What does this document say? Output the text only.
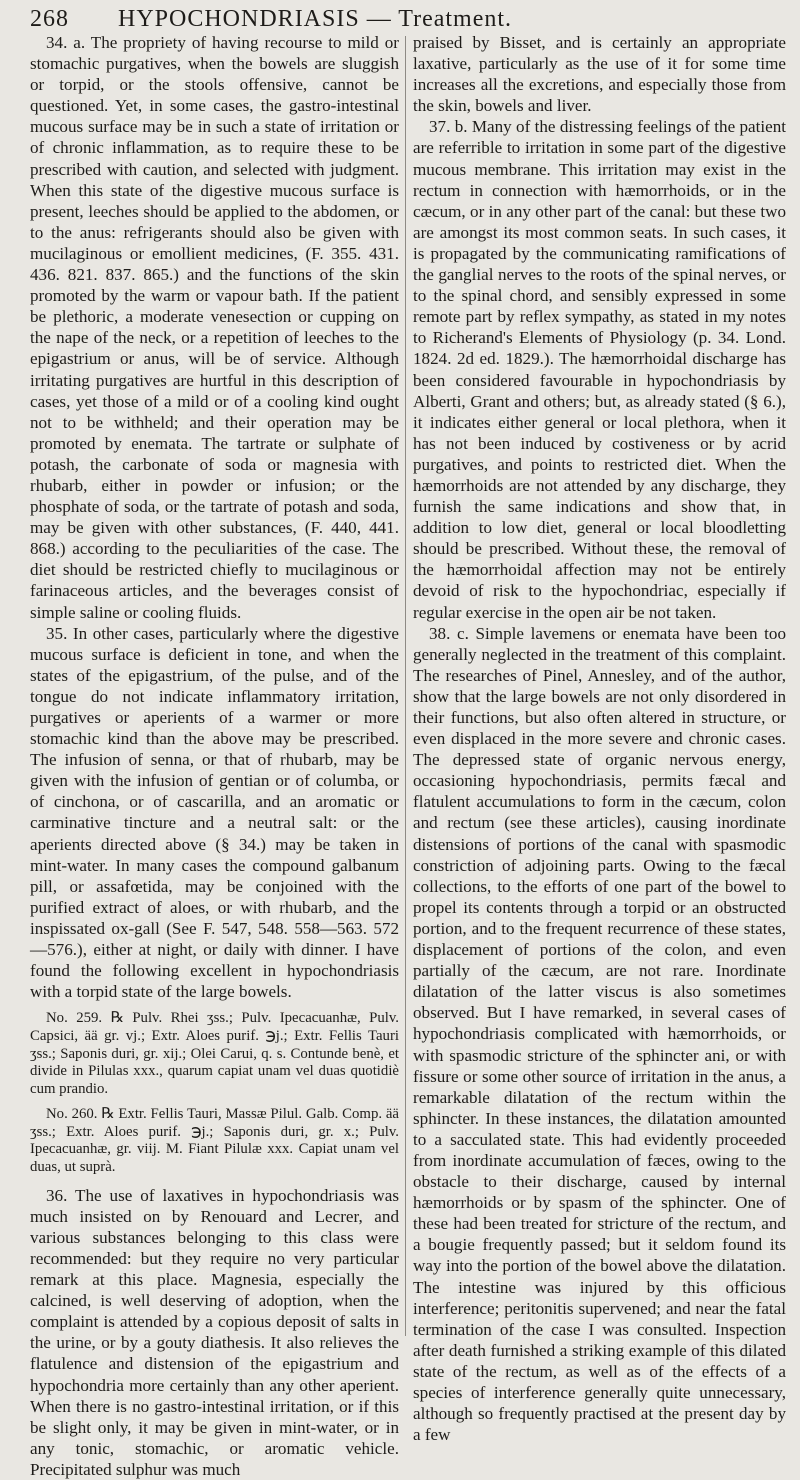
268 HYPOCHONDRIASIS — Treatment.

34. a. The propriety of having recourse to mild or stomachic purgatives, when the bowels are sluggish or torpid, or the stools offensive, cannot be questioned. Yet, in some cases, the gastro-intestinal mucous surface may be in such a state of irritation or of chronic inflammation, as to require these to be prescribed with caution, and selected with judgment. When this state of the digestive mucous surface is present, leeches should be applied to the abdomen, or to the anus: refrigerants should also be given with mucilaginous or emollient medicines, (F. 355. 431. 436. 821. 837. 865.) and the functions of the skin promoted by the warm or vapour bath. If the patient be plethoric, a moderate venesection or cupping on the nape of the neck, or a repetition of leeches to the epigastrium or anus, will be of service. Although irritating purgatives are hurtful in this description of cases, yet those of a mild or of a cooling kind ought not to be withheld; and their operation may be promoted by enemata. The tartrate or sulphate of potash, the carbonate of soda or magnesia with rhubarb, either in powder or infusion; or the phosphate of soda, or the tartrate of potash and soda, may be given with other substances, (F. 440, 441. 868.) according to the peculiarities of the case. The diet should be restricted chiefly to mucilaginous or farinaceous articles, and the beverages consist of simple saline or cooling fluids.

35. In other cases, particularly where the digestive mucous surface is deficient in tone, and when the states of the epigastrium, of the pulse, and of the tongue do not indicate inflammatory irritation, purgatives or aperients of a warmer or more stomachic kind than the above may be prescribed. The infusion of senna, or that of rhubarb, may be given with the infusion of gentian or of columba, or of cinchona, or of cascarilla, and an aromatic or carminative tincture and a neutral salt: or the aperients directed above (§ 34.) may be taken in mint-water. In many cases the compound galbanum pill, or assafœtida, may be conjoined with the purified extract of aloes, or with rhubarb, and the inspissated ox-gall (See F. 547, 548. 558—563. 572—576.), either at night, or daily with dinner. I have found the following excellent in hypochondriasis with a torpid state of the large bowels.

No. 259. ℞ Pulv. Rhei ʒss.; Pulv. Ipecacuanhæ, Pulv. Capsici, ää gr. vj.; Extr. Aloes purif. ℈j.; Extr. Fellis Tauri ʒss.; Saponis duri, gr. xij.; Olei Carui, q. s. Contunde benè, et divide in Pilulas xxx., quarum capiat unam vel duas quotidiè cum prandio.

No. 260. ℞ Extr. Fellis Tauri, Massæ Pilul. Galb. Comp. ää ʒss.; Extr. Aloes purif. ℈j.; Saponis duri, gr. x.; Pulv. Ipecacuanhæ, gr. viij. M. Fiant Pilulæ xxx. Capiat unam vel duas, ut suprà.

36. The use of laxatives in hypochondriasis was much insisted on by Renouard and Lecrer, and various substances belonging to this class were recommended: but they require no very particular remark at this place. Magnesia, especially the calcined, is well deserving of adoption, when the complaint is attended by a copious deposit of salts in the urine, or by a gouty diathesis. It also relieves the flatulence and distension of the epigastrium and hypochondria more certainly than any other aperient. When there is no gastro-intestinal irritation, or if this be slight only, it may be given in mint-water, or in any tonic, stomachic, or aromatic vehicle. Precipitated sulphur was much

praised by Bisset, and is certainly an appropriate laxative, particularly as the use of it for some time increases all the excretions, and especially those from the skin, bowels and liver.

37. b. Many of the distressing feelings of the patient are referrible to irritation in some part of the digestive mucous membrane. This irritation may exist in the rectum in connection with hæmorrhoids, or in the cæcum, or in any other part of the canal: but these two are amongst its most common seats. In such cases, it is propagated by the communicating ramifications of the ganglial nerves to the roots of the spinal nerves, or to the spinal chord, and sensibly expressed in some remote part by reflex sympathy, as stated in my notes to Richerand's Elements of Physiology (p. 34. Lond. 1824. 2d ed. 1829.). The hæmorrhoidal discharge has been considered favourable in hypochondriasis by Alberti, Grant and others; but, as already stated (§ 6.), it indicates either general or local plethora, when it has not been induced by costiveness or by acrid purgatives, and points to restricted diet. When the hæmorrhoids are not attended by any discharge, they furnish the same indications and show that, in addition to low diet, general or local bloodletting should be prescribed. Without these, the removal of the hæmorrhoidal affection may not be entirely devoid of risk to the hypochondriac, especially if regular exercise in the open air be not taken.

38. c. Simple lavemens or enemata have been too generally neglected in the treatment of this complaint. The researches of Pinel, Annesley, and of the author, show that the large bowels are not only disordered in their functions, but also often altered in structure, or even displaced in the more severe and chronic cases. The depressed state of organic nervous energy, occasioning hypochondriasis, permits fæcal and flatulent accumulations to form in the cæcum, colon and rectum (see these articles), causing inordinate distensions of portions of the canal with spasmodic constriction of adjoining parts. Owing to the fæcal collections, to the efforts of one part of the bowel to propel its contents through a torpid or an obstructed portion, and to the frequent recurrence of these states, displacement of portions of the colon, and even partially of the cæcum, are not rare. Inordinate dilatation of the latter viscus is also sometimes observed. But I have remarked, in several cases of hypochondriasis complicated with hæmorrhoids, or with spasmodic stricture of the sphincter ani, or with fissure or some other source of irritation in the anus, a remarkable dilatation of the rectum within the sphincter. In these instances, the dilatation amounted to a sacculated state. This had evidently proceeded from inordinate accumulation of fæces, owing to the obstacle to their discharge, caused by internal hæmorrhoids or by spasm of the sphincter. One of these had been treated for stricture of the rectum, and a bougie frequently passed; but it seldom found its way into the portion of the bowel above the dilatation. The intestine was injured by this officious interference; peritonitis supervened; and near the fatal termination of the case I was consulted. Inspection after death furnished a striking example of this dilated state of the rectum, as well as of the effects of a species of interference generally quite unnecessary, although so frequently practised at the present day by a few
